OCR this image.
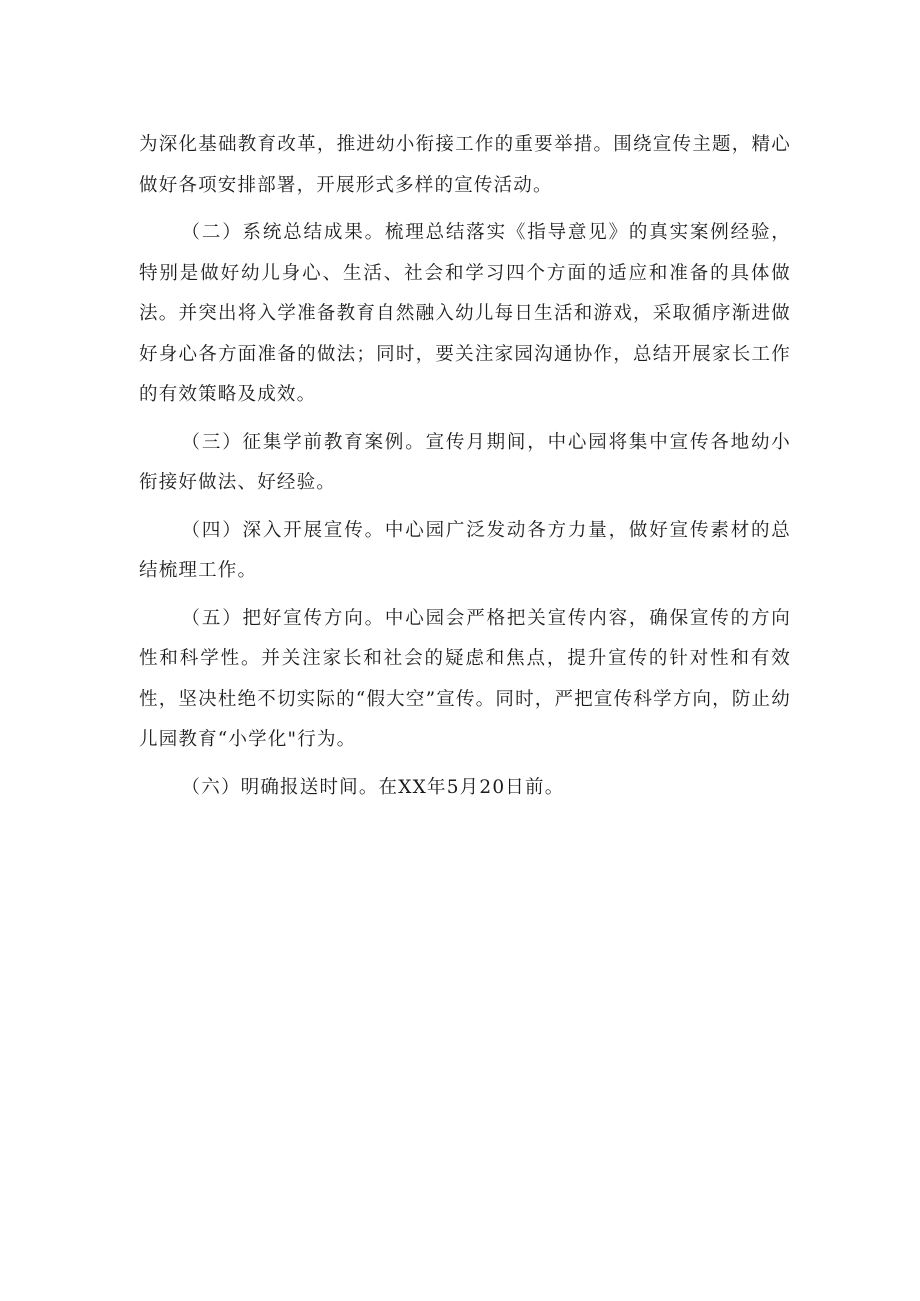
为深化基础教育改革，推进幼小衔接工作的重要举措。围绕宣传主题，精心做好各项安排部署，开展形式多样的宣传活动。

（二）系统总结成果。梳理总结落实《指导意见》的真实案例经验，特别是做好幼儿身心、生活、社会和学习四个方面的适应和准备的具体做法。并突出将入学准备教育自然融入幼儿每日生活和游戏，采取循序渐进做好身心各方面准备的做法；同时，要关注家园沟通协作，总结开展家长工作的有效策略及成效。

（三）征集学前教育案例。宣传月期间，中心园将集中宣传各地幼小衔接好做法、好经验。

（四）深入开展宣传。中心园广泛发动各方力量，做好宣传素材的总结梳理工作。

（五）把好宣传方向。中心园会严格把关宣传内容，确保宣传的方向性和科学性。并关注家长和社会的疑虑和焦点，提升宣传的针对性和有效性，坚决杜绝不切实际的“假大空”宣传。同时，严把宣传科学方向，防止幼儿园教育“小学化"行为。

（六）明确报送时间。在XX年5月20日前。
